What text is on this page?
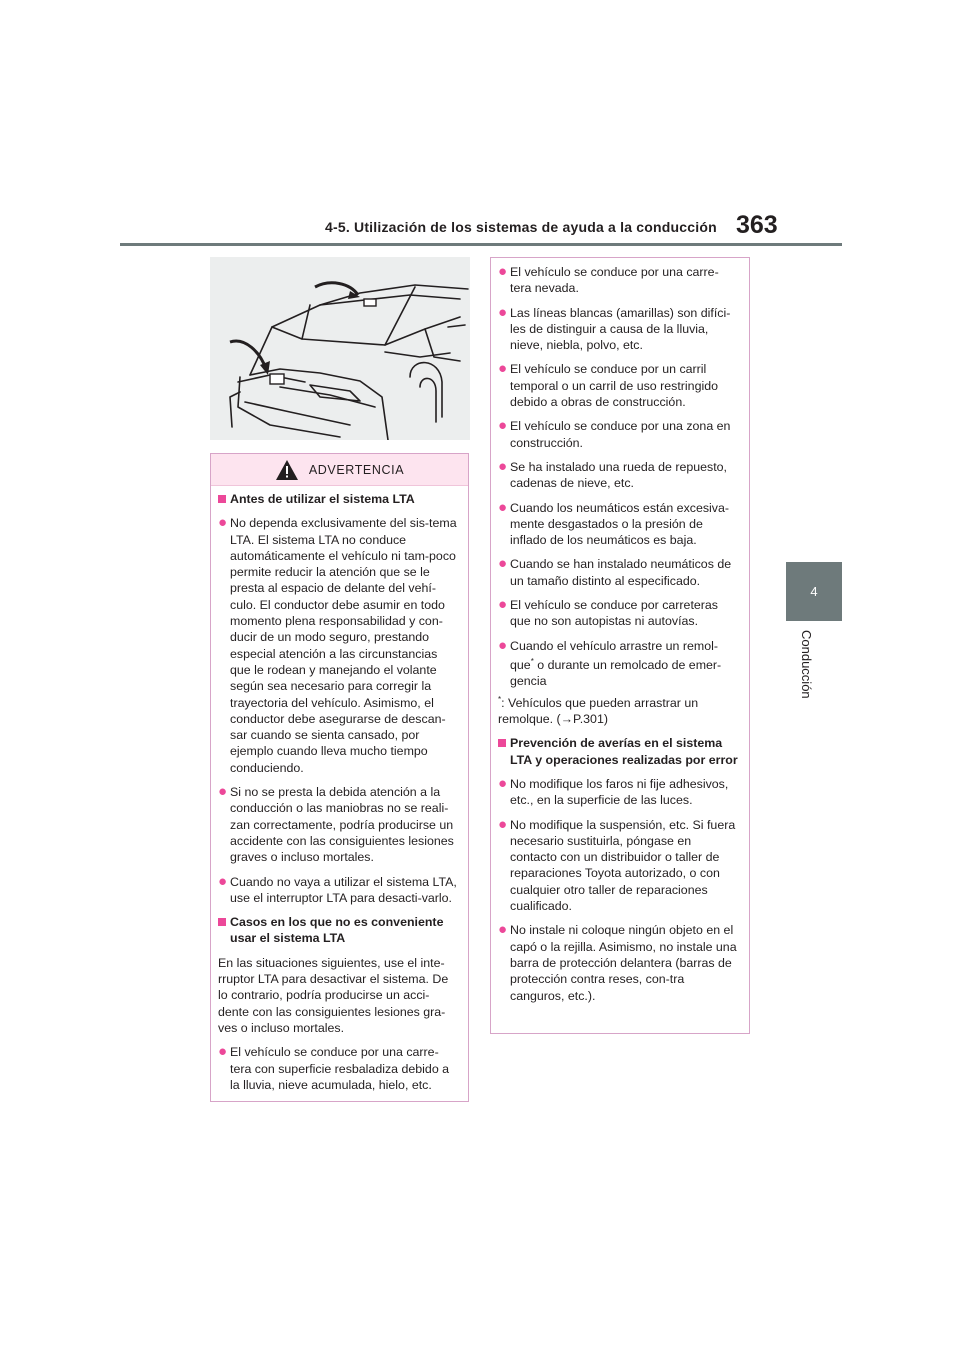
4-5. Utilización de los sistemas de ayuda a la conducción 363
4
Conducción
ADVERTENCIA
Antes de utilizar el sistema LTA
● No dependa exclusivamente del sis-tema LTA. El sistema LTA no conduce automáticamente el vehículo ni tam-poco permite reducir la atención que se le presta al espacio de delante del vehí-culo. El conductor debe asumir en todo momento plena responsabilidad y con-ducir de un modo seguro, prestando especial atención a las circunstancias que le rodean y manejando el volante según sea necesario para corregir la trayectoria del vehículo. Asimismo, el conductor debe asegurarse de descan-sar cuando se sienta cansado, por ejemplo cuando lleva mucho tiempo conduciendo.
● Si no se presta la debida atención a la conducción o las maniobras no se reali-zan correctamente, podría producirse un accidente con las consiguientes lesiones graves o incluso mortales.
● Cuando no vaya a utilizar el sistema LTA, use el interruptor LTA para desacti-varlo.
Casos en los que no es conveniente usar el sistema LTA
En las situaciones siguientes, use el inte-rruptor LTA para desactivar el sistema. De lo contrario, podría producirse un acci-dente con las consiguientes lesiones gra-ves o incluso mortales.
● El vehículo se conduce por una carre-tera con superficie resbaladiza debido a la lluvia, nieve acumulada, hielo, etc.
● El vehículo se conduce por una carre-tera nevada.
● Las líneas blancas (amarillas) son difíci-les de distinguir a causa de la lluvia, nieve, niebla, polvo, etc.
● El vehículo se conduce por un carril temporal o un carril de uso restringido debido a obras de construcción.
● El vehículo se conduce por una zona en construcción.
● Se ha instalado una rueda de repuesto, cadenas de nieve, etc.
● Cuando los neumáticos están excesiva-mente desgastados o la presión de inflado de los neumáticos es baja.
● Cuando se han instalado neumáticos de un tamaño distinto al especificado.
● El vehículo se conduce por carreteras que no son autopistas ni autovías.
● Cuando el vehículo arrastre un remol-que* o durante un remolcado de emer-gencia
*: Vehículos que pueden arrastrar un remolque. (→P.301)
Prevención de averías en el sistema LTA y operaciones realizadas por error
● No modifique los faros ni fije adhesivos, etc., en la superficie de las luces.
● No modifique la suspensión, etc. Si fuera necesario sustituirla, póngase en contacto con un distribuidor o taller de reparaciones Toyota autorizado, o con cualquier otro taller de reparaciones cualificado.
● No instale ni coloque ningún objeto en el capó o la rejilla. Asimismo, no instale una barra de protección delantera (barras de protección contra reses, con-tra canguros, etc.).
